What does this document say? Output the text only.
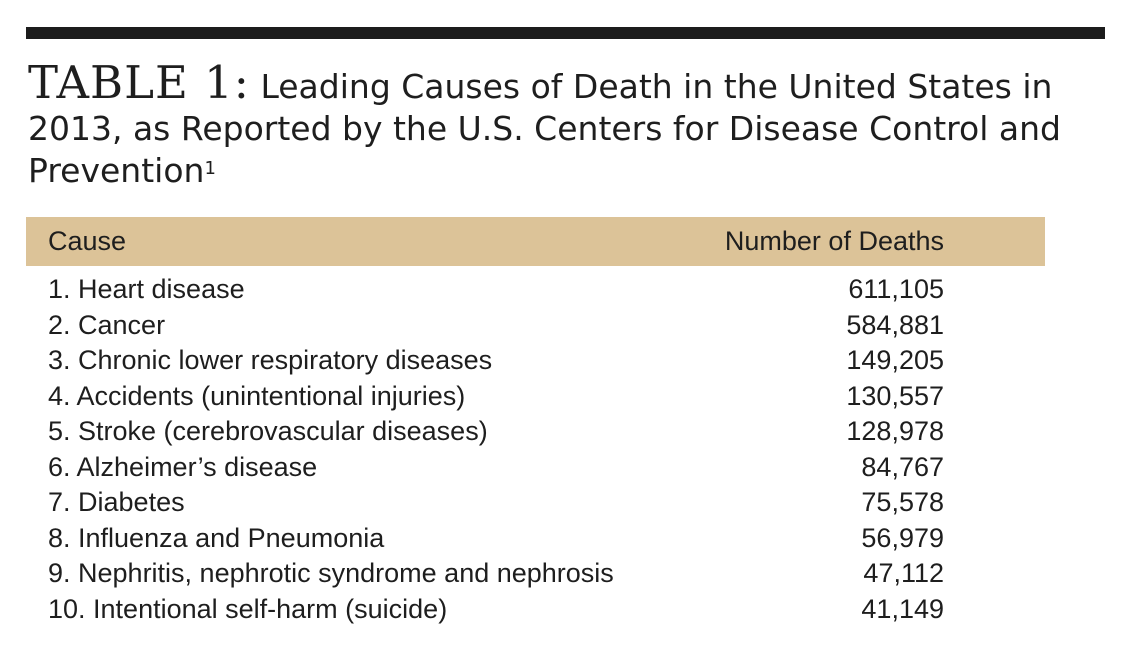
TABLE 1: Leading Causes of Death in the United States in 2013, as Reported by the U.S. Centers for Disease Control and Prevention$^1$
Cause	Number of Deaths
1. Heart disease	611,105
2. Cancer	584,881
3. Chronic lower respiratory diseases	149,205
4. Accidents (unintentional injuries)	130,557
5. Stroke (cerebrovascular diseases)	128,978
6. Alzheimer’s disease	84,767
7. Diabetes	75,578
8. Influenza and Pneumonia	56,979
9. Nephritis, nephrotic syndrome and nephrosis	47,112
10. Intentional self-harm (suicide)	41,149
